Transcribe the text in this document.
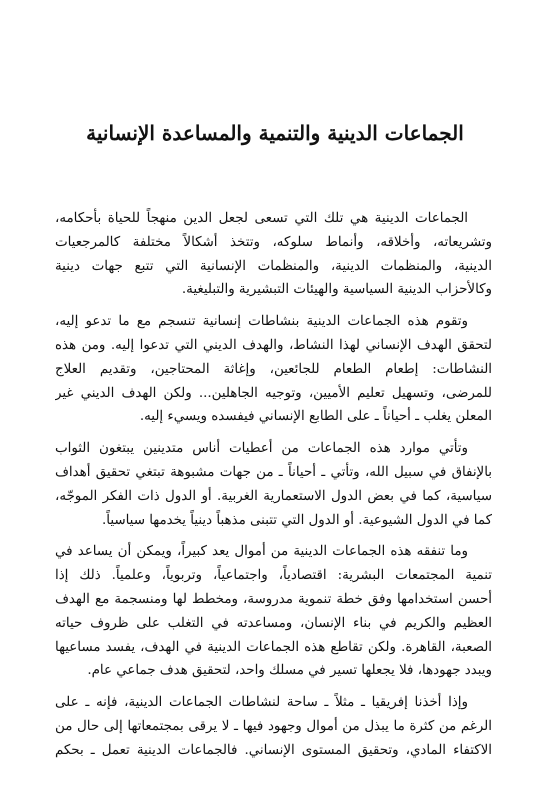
الجماعات الدينية والتنمية والمساعدة الإنسانية
الجماعات الدينية هي تلك التي تسعى لجعل الدين منهجاً للحياة بأحكامه،
وتشريعاته، وأخلاقه، وأنماط سلوكه، وتتخذ أشكالاً مختلفة كالمرجعيات
الدينية، والمنظمات الدينية، والمنظمات الإنسانية التي تتبع جهات دينية
وكالأحزاب الدينية السياسية والهيئات التبشيرية والتبليغية.
وتقوم هذه الجماعات الدينية بنشاطات إنسانية تنسجم مع ما تدعو إليه،
لتحقق الهدف الإنساني لهذا النشاط، والهدف الديني التي تدعوا إليه. ومن هذه
النشاطات: إطعام الطعام للجائعين، وإغاثة المحتاجين، وتقديم العلاج
للمرضى، وتسهيل تعليم الأميين، وتوجيه الجاهلين... ولكن الهدف الديني غير
المعلن يغلب ـ أحياناً ـ على الطابع الإنساني فيفسده ويسيء إليه.
وتأتي موارد هذه الجماعات من أعطيات أناس متدينين يبتغون الثواب
بالإنفاق في سبيل الله، وتأتي ـ أحياناً ـ من جهات مشبوهة تبتغي تحقيق أهداف
سياسية، كما في بعض الدول الاستعمارية الغربية. أو الدول ذات الفكر الموجّه،
كما في الدول الشيوعية. أو الدول التي تتبنى مذهباً دينياً يخدمها سياسياً.
وما تنفقه هذه الجماعات الدينية من أموال يعد كبيراً، ويمكن أن يساعد في
تنمية المجتمعات البشرية: اقتصادياً، واجتماعياً، وتربوياً، وعلمياً. ذلك إذا
أحسن استخدامها وفق خطة تنموية مدروسة، ومخطط لها ومنسجمة مع الهدف
العظيم والكريم في بناء الإنسان، ومساعدته في التغلب على ظروف حياته
الصعبة، القاهرة. ولكن تقاطع هذه الجماعات الدينية في الهدف، يفسد مساعيها
ويبدد جهودها، فلا يجعلها تسير في مسلك واحد، لتحقيق هدف جماعي عام.
وإذا أخذنا إفريقيا ـ مثلاً ـ ساحة لنشاطات الجماعات الدينية، فإنه ـ على
الرغم من كثرة ما يبذل من أموال وجهود فيها ـ لا يرقى بمجتمعاتها إلى حال من
الاكتفاء المادي، وتحقيق المستوى الإنساني. فالجماعات الدينية تعمل ـ بحكم
